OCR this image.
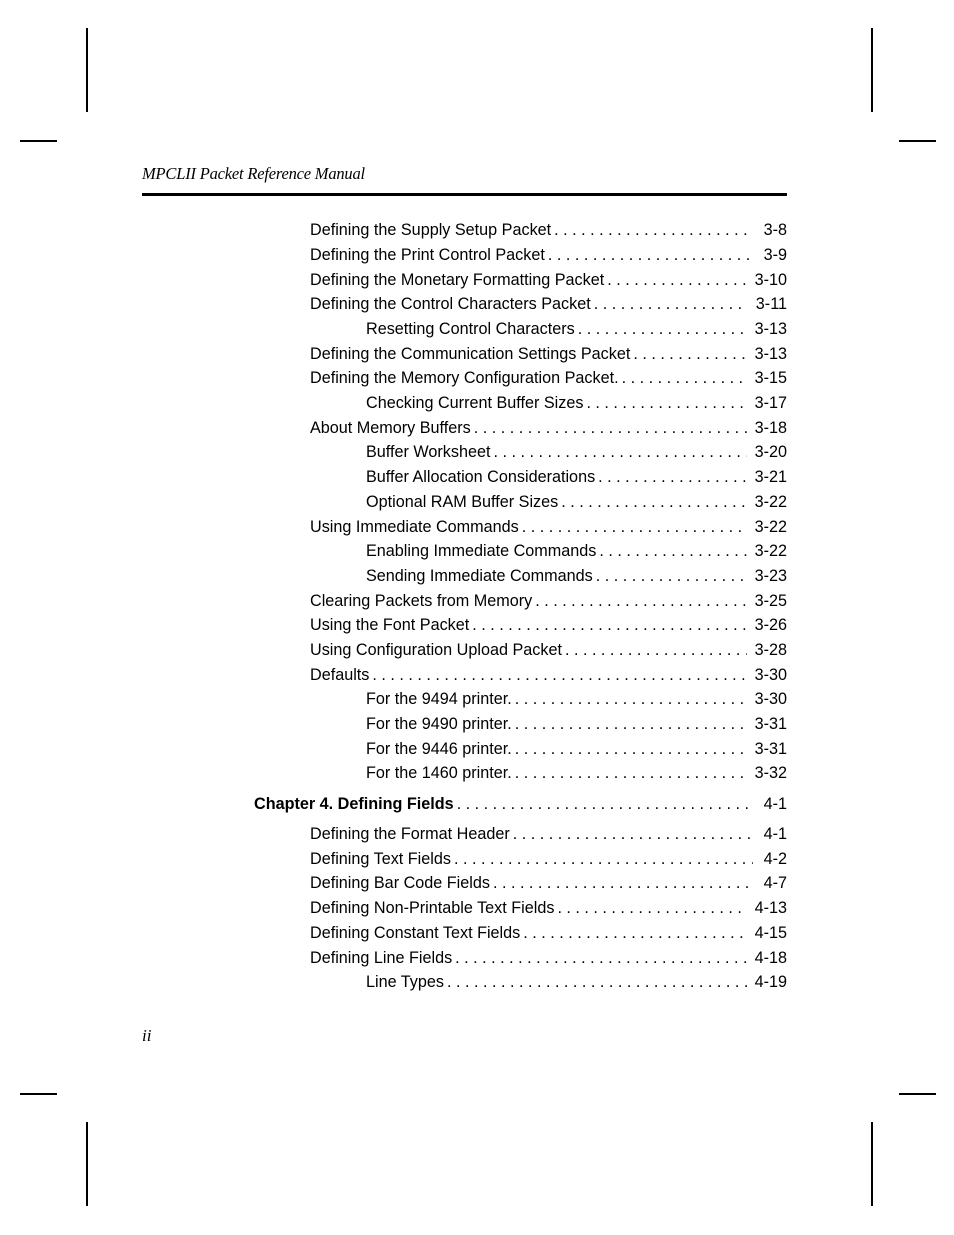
MPCLII Packet Reference Manual
Defining the Supply Setup Packet . . .	3-8
Defining the Print Control Packet . . .	3-9
Defining the Monetary Formatting Packet . . .	3-10
Defining the Control Characters Packet . . .	3-11
Resetting Control Characters . . .	3-13
Defining the Communication Settings Packet . . .	3-13
Defining the Memory Configuration Packet. . . .	3-15
Checking Current Buffer Sizes . . .	3-17
About Memory Buffers . . .	3-18
Buffer Worksheet . . .	3-20
Buffer Allocation Considerations . . .	3-21
Optional RAM Buffer Sizes . . .	3-22
Using Immediate Commands . . .	3-22
Enabling Immediate Commands . . .	3-22
Sending Immediate Commands . . .	3-23
Clearing Packets from Memory . . .	3-25
Using the Font Packet . . .	3-26
Using Configuration Upload Packet . . .	3-28
Defaults . . .	3-30
For the 9494 printer. . . .	3-30
For the 9490 printer. . . .	3-31
For the 9446 printer. . . .	3-31
For the 1460 printer. . . .	3-32
Chapter 4. Defining Fields . . .	4-1
Defining the Format Header . . .	4-1
Defining Text Fields . . .	4-2
Defining Bar Code Fields . . .	4-7
Defining Non-Printable Text Fields . . .	4-13
Defining Constant Text Fields . . .	4-15
Defining Line Fields . . .	4-18
Line Types . . .	4-19
ii
